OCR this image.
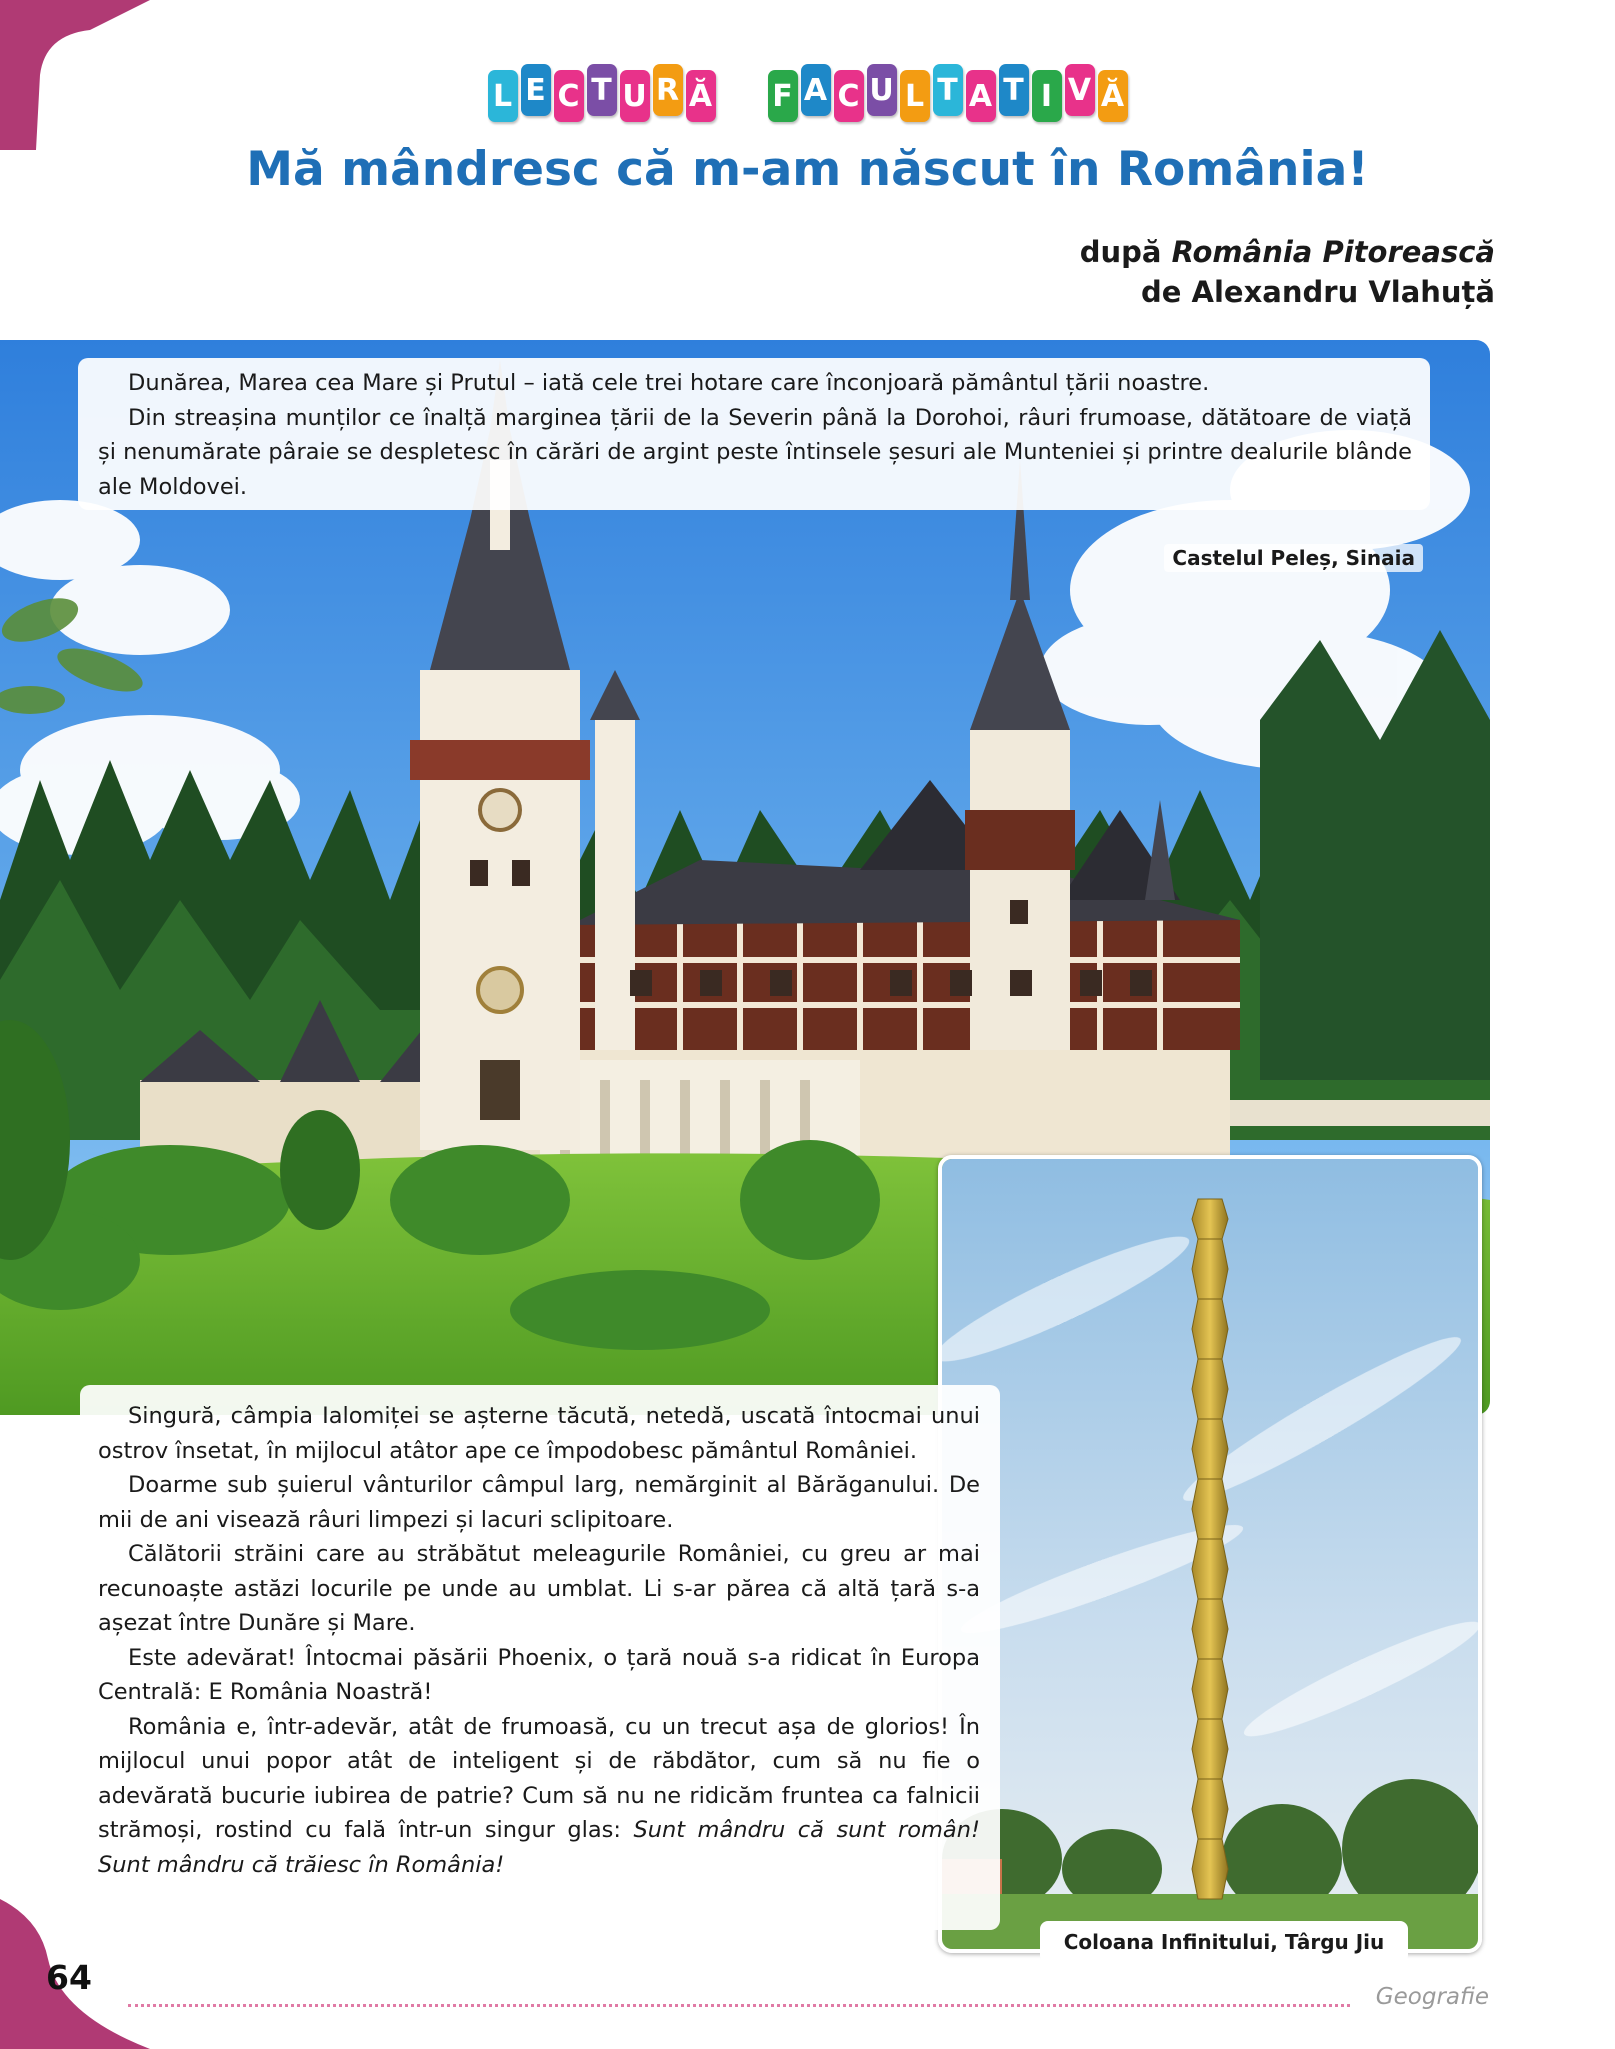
L E C T U R Ă F A C U L T A T I V Ă
Mă mândresc că m-am născut în România!
după România Pitorească
de Alexandru Vlahuță

Dunărea, Marea cea Mare și Prutul – iată cele trei hotare care înconjoară pământul țării noastre.

Din streașina munților ce înalță marginea țării de la Severin până la Dorohoi, râuri frumoase, dătătoare de viață și nenumărate pâraie se despletesc în cărări de argint peste întinsele șesuri ale Munteniei și printre dealurile blânde ale Moldovei.

Castelul Peleș, Sinaia
Coloana Infinitului, Târgu Jiu

Singură, câmpia Ialomiței se așterne tăcută, netedă, uscată întocmai unui ostrov însetat, în mijlocul atâtor ape ce împodobesc pământul României.

Doarme sub șuierul vânturilor câmpul larg, nemărginit al Bărăganului. De mii de ani visează râuri limpezi și lacuri sclipitoare.

Călătorii străini care au străbătut meleagurile României, cu greu ar mai recunoaște astăzi locurile pe unde au umblat. Li s-ar părea că altă țară s-a așezat între Dunăre și Mare.

Este adevărat! Întocmai păsării Phoenix, o țară nouă s-a ridicat în Europa Centrală: E România Noastră!

România e, într-adevăr, atât de frumoasă, cu un trecut așa de glorios! În mijlocul unui popor atât de inteligent și de răbdător, cum să nu fie o adevărată bucurie iubirea de patrie? Cum să nu ne ridicăm fruntea ca falnicii strămoși, rostind cu fală într-un singur glas: Sunt mândru că sunt român! Sunt mândru că trăiesc în România!

64	Geografie
